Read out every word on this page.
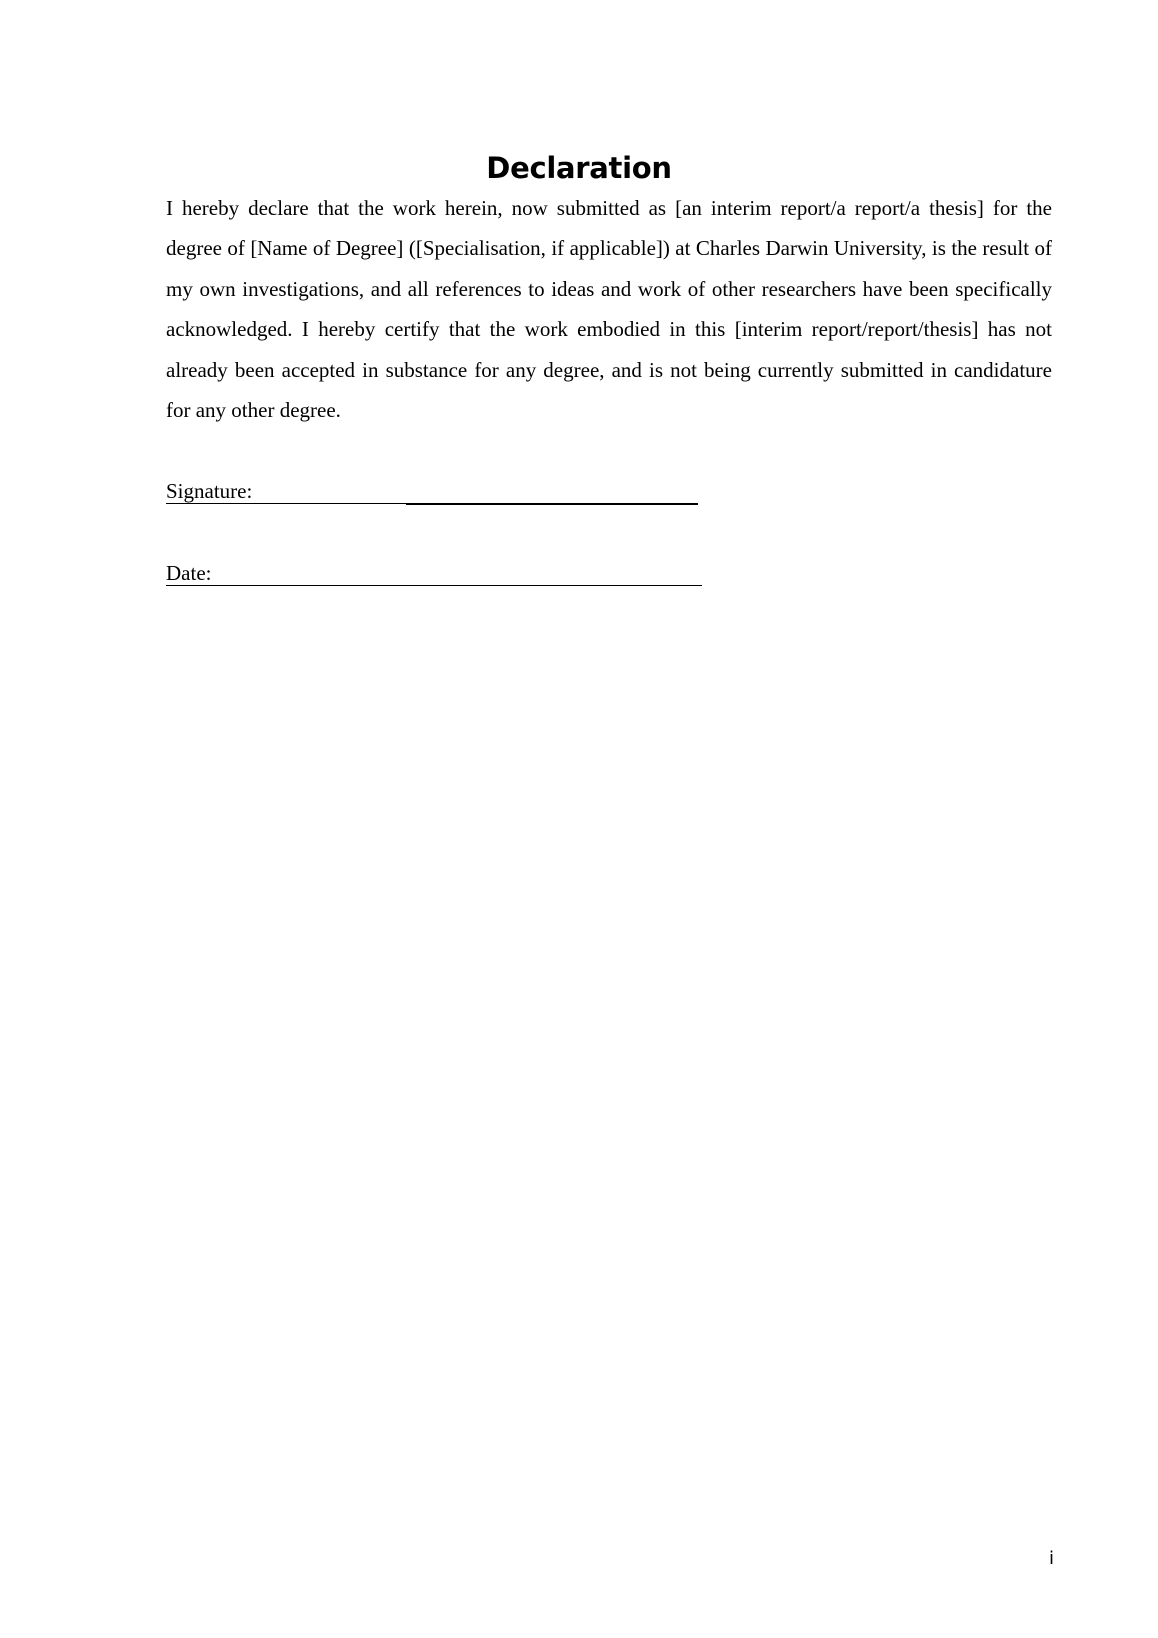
Declaration

I hereby declare that the work herein, now submitted as [an interim report/a report/a thesis] for the degree of [Name of Degree] ([Specialisation, if applicable]) at Charles Darwin University, is the result of my own investigations, and all references to ideas and work of other researchers have been specifically acknowledged. I hereby certify that the work embodied in this [interim report/report/thesis] has not already been accepted in substance for any degree, and is not being currently submitted in candidature for any other degree.

Signature:
Date:
i
